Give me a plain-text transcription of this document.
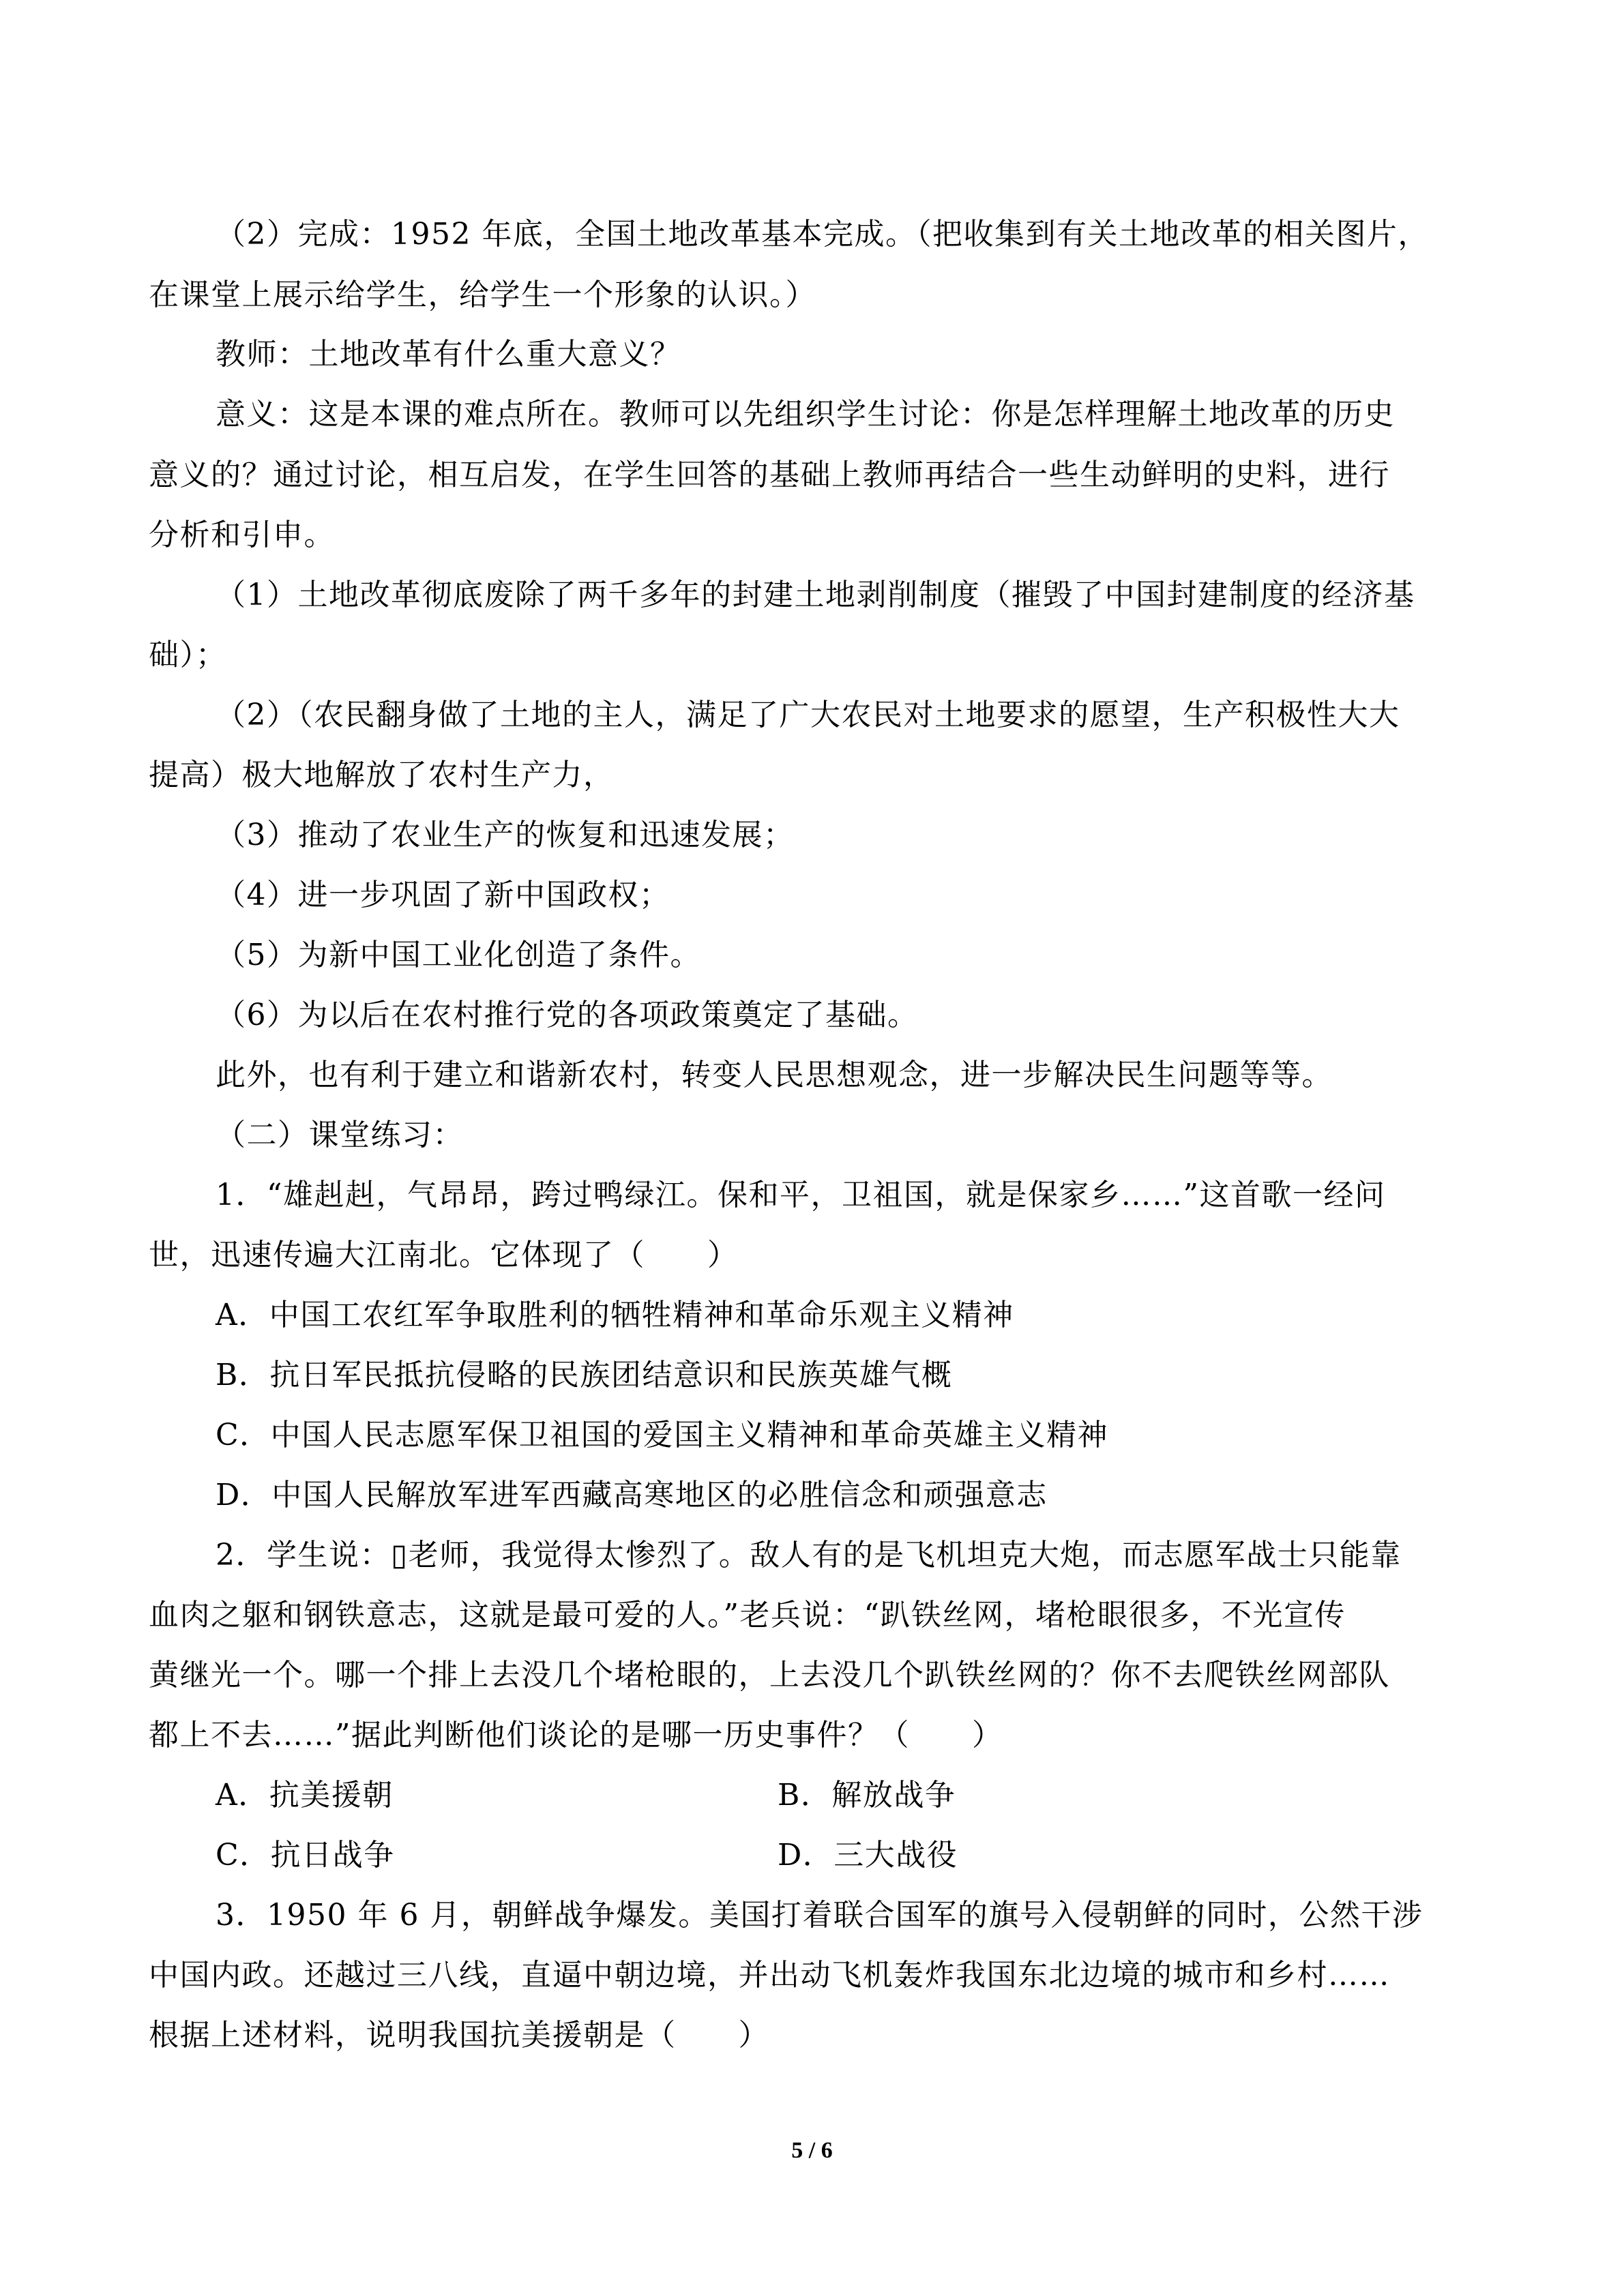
（2）完成：1952 年底，全国土地改革基本完成。（把收集到有关土地改革的相关图片，
在课堂上展示给学生，给学生一个形象的认识。）
教师：土地改革有什么重大意义？
意义：这是本课的难点所在。教师可以先组织学生讨论：你是怎样理解土地改革的历史
意义的？通过讨论，相互启发，在学生回答的基础上教师再结合一些生动鲜明的史料，进行
分析和引申。
（1）土地改革彻底废除了两千多年的封建土地剥削制度（摧毁了中国封建制度的经济基
础）；
（2）（农民翻身做了土地的主人，满足了广大农民对土地要求的愿望，生产积极性大大
提高）极大地解放了农村生产力，
（3）推动了农业生产的恢复和迅速发展；
（4）进一步巩固了新中国政权；
（5）为新中国工业化创造了条件。
（6）为以后在农村推行党的各项政策奠定了基础。
此外，也有利于建立和谐新农村，转变人民思想观念，进一步解决民生问题等等。
（二）课堂练习：
1．“雄赳赳，气昂昂，跨过鸭绿江。保和平，卫祖国，就是保家乡……”这首歌一经问
世，迅速传遍大江南北。它体现了（　　）
A．中国工农红军争取胜利的牺牲精神和革命乐观主义精神
B．抗日军民抵抗侵略的民族团结意识和民族英雄气概
C．中国人民志愿军保卫祖国的爱国主义精神和革命英雄主义精神
D．中国人民解放军进军西藏高寒地区的必胜信念和顽强意志
2．学生说：▯老师，我觉得太惨烈了。敌人有的是飞机坦克大炮，而志愿军战士只能靠
血肉之躯和钢铁意志，这就是最可爱的人。”老兵说：“趴铁丝网，堵枪眼很多，不光宣传
黄继光一个。哪一个排上去没几个堵枪眼的，上去没几个趴铁丝网的？你不去爬铁丝网部队
都上不去……”据此判断他们谈论的是哪一历史事件？（　　）
A．抗美援朝	B．解放战争
C．抗日战争	D．三大战役
3．1950 年 6 月，朝鲜战争爆发。美国打着联合国军的旗号入侵朝鲜的同时，公然干涉
中国内政。还越过三八线，直逼中朝边境，并出动飞机轰炸我国东北边境的城市和乡村……
根据上述材料，说明我国抗美援朝是（　　）
5 / 6
